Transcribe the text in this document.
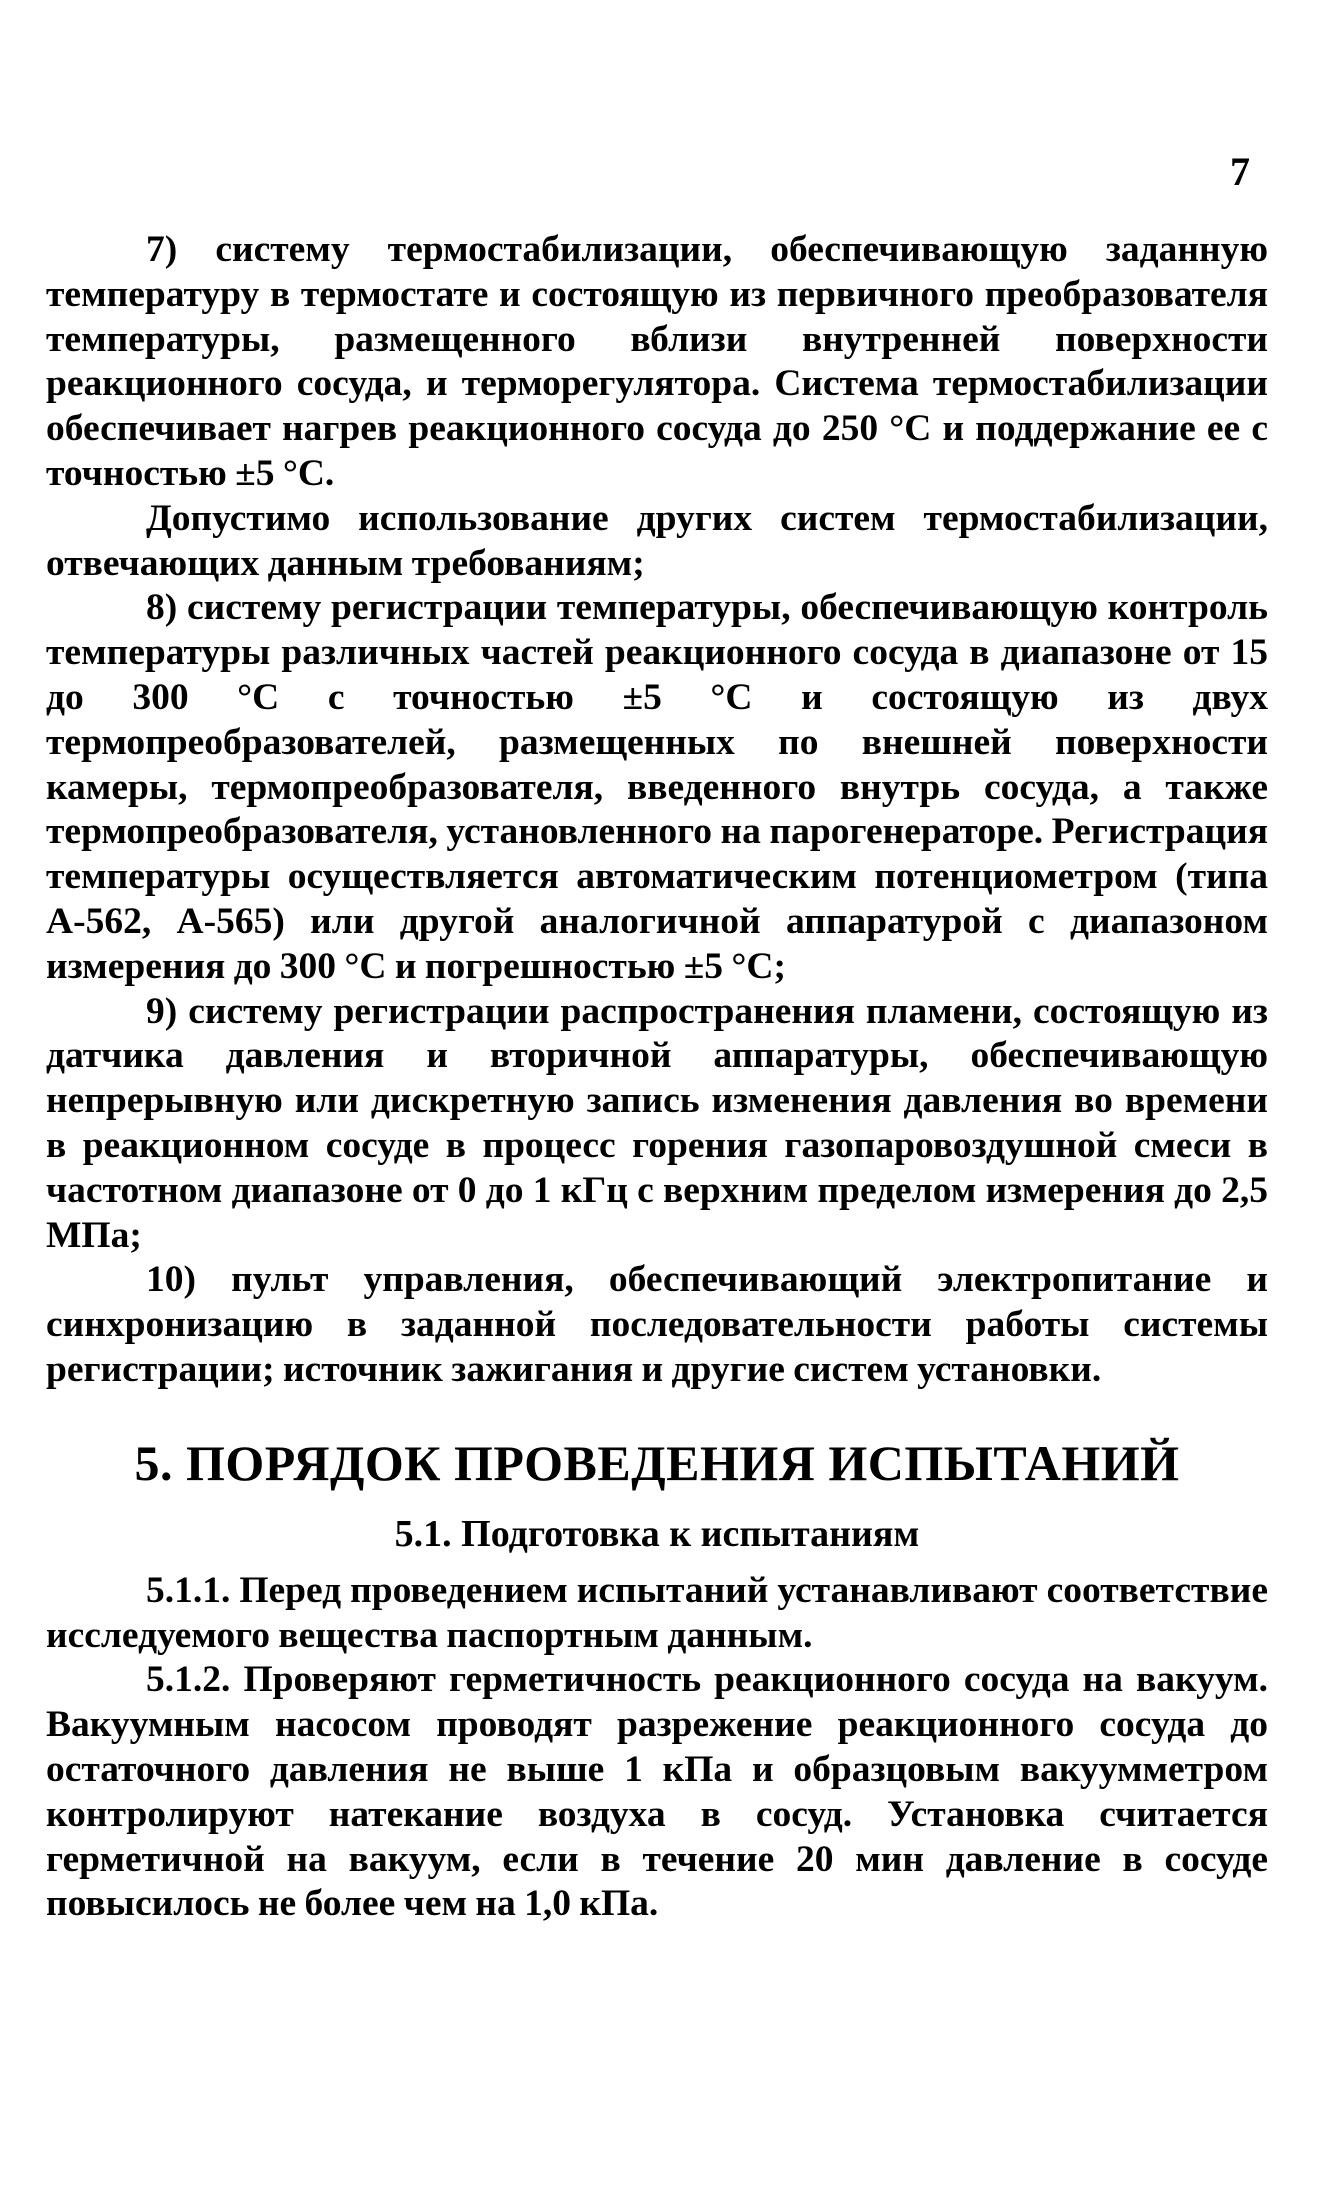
7

7) систему термостабилизации, обеспечивающую заданную температуру в термостате и состоящую из первичного преобразователя температуры, размещенного вблизи внутренней поверхности реакционного сосуда, и терморегулятора. Система термостабилизации обеспечивает нагрев реакционного сосуда до 250 °С и поддержание ее с точностью ±5 °С.

Допустимо использование других систем термостабилизации, отвечающих данным требованиям;

8) систему регистрации температуры, обеспечивающую контроль температуры различных частей реакционного сосуда в диапазоне от 15 до 300 °С с точностью ±5 °С и состоящую из двух термопреобразователей, размещенных по внешней поверхности камеры, термопреобразователя, введенного внутрь сосуда, а также термопреобразователя, установленного на парогенераторе. Регистрация температуры осуществляется автоматическим потенциометром (типа А-562, А-565) или другой аналогичной аппаратурой с диапазоном измерения до 300 °С и погрешностью ±5 °С;

9) систему регистрации распространения пламени, состоящую из датчика давления и вторичной аппаратуры, обеспечивающую непрерывную или дискретную запись изменения давления во времени в реакционном сосуде в процесс горения газопаровоздушной смеси в частотном диапазоне от 0 до 1 кГц с верхним пределом измерения до 2,5 МПа;

10) пульт управления, обеспечивающий электропитание и синхронизацию в заданной последовательности работы системы регистрации; источник зажигания и другие систем установки.

5. ПОРЯДОК ПРОВЕДЕНИЯ ИСПЫТАНИЙ
5.1. Подготовка к испытаниям

5.1.1. Перед проведением испытаний устанавливают соответствие исследуемого вещества паспортным данным.

5.1.2. Проверяют герметичность реакционного сосуда на вакуум. Вакуумным насосом проводят разрежение реакционного сосуда до остаточного давления не выше 1 кПа и образцовым вакуумметром контролируют натекание воздуха в сосуд. Установка считается герметичной на вакуум, если в течение 20 мин давление в сосуде повысилось не более чем на 1,0 кПа.
